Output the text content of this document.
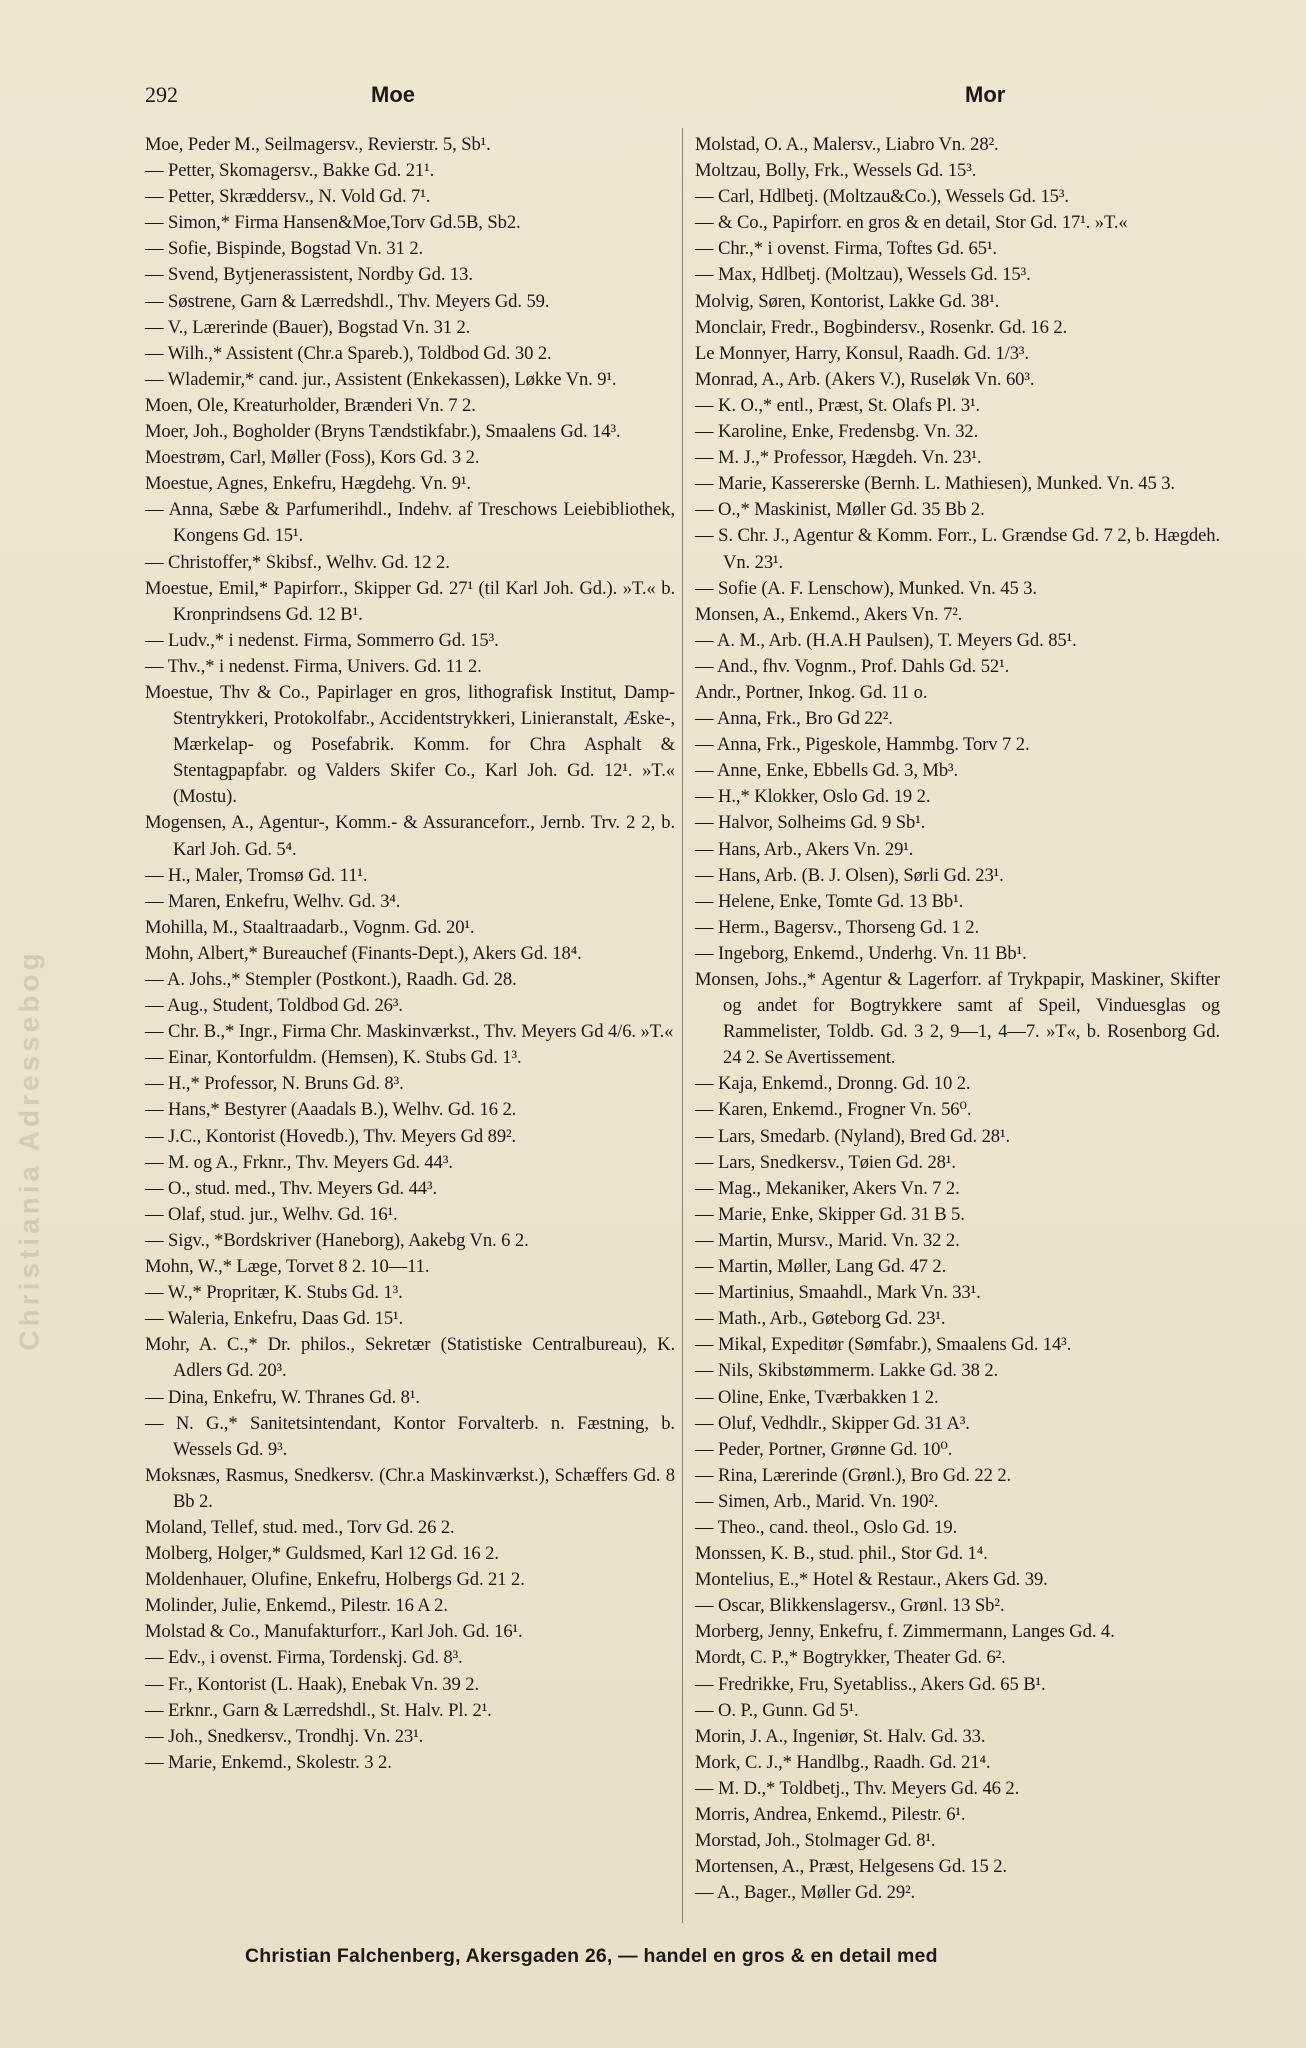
Christiania Adressebog
292	Moe	Mor
Moe, Peder M., Seilmagersv., Revierstr. 5, Sb¹.
— Petter, Skomagersv., Bakke Gd. 21¹.
— Petter, Skræddersv., N. Vold Gd. 7¹.
— Simon,* Firma Hansen&Moe,Torv Gd.5B, Sb2.
— Sofie, Bispinde, Bogstad Vn. 31 2.
— Svend, Bytjenerassistent, Nordby Gd. 13.
— Søstrene, Garn & Lærredshdl., Thv. Meyers Gd. 59.
— V., Lærerinde (Bauer), Bogstad Vn. 31 2.
— Wilh.,* Assistent (Chr.a Spareb.), Toldbod Gd. 30 2.
— Wlademir,* cand. jur., Assistent (Enkekassen), Løkke Vn. 9¹.
Moen, Ole, Kreaturholder, Brænderi Vn. 7 2.
Moer, Joh., Bogholder (Bryns Tændstikfabr.), Smaalens Gd. 14³.
Moestrøm, Carl, Møller (Foss), Kors Gd. 3 2.
Moestue, Agnes, Enkefru, Hægdehg. Vn. 9¹.
— Anna, Sæbe & Parfumerihdl., Indehv. af Treschows Leiebibliothek, Kongens Gd. 15¹.
— Christoffer,* Skibsf., Welhv. Gd. 12 2.
Moestue, Emil,* Papirforr., Skipper Gd. 27¹ (til Karl Joh. Gd.). »T.« b. Kronprindsens Gd. 12 B¹.
— Ludv.,* i nedenst. Firma, Sommerro Gd. 15³.
— Thv.,* i nedenst. Firma, Univers. Gd. 11 2.
Moestue, Thv & Co., Papirlager en gros, lithografisk Institut, Damp-Stentrykkeri, Protokolfabr., Accidentstrykkeri, Linieranstalt, Æske-, Mærkelap- og Posefabrik. Komm. for Chra Asphalt & Stentagpapfabr. og Valders Skifer Co., Karl Joh. Gd. 12¹. »T.« (Mostu).
Mogensen, A., Agentur-, Komm.- & Assuranceforr., Jernb. Trv. 2 2, b. Karl Joh. Gd. 5⁴.
— H., Maler, Tromsø Gd. 11¹.
— Maren, Enkefru, Welhv. Gd. 3⁴.
Mohilla, M., Staaltraadarb., Vognm. Gd. 20¹.
Mohn, Albert,* Bureauchef (Finants-Dept.), Akers Gd. 18⁴.
— A. Johs.,* Stempler (Postkont.), Raadh. Gd. 28.
— Aug., Student, Toldbod Gd. 26³.
— Chr. B.,* Ingr., Firma Chr. Maskinværkst., Thv. Meyers Gd 4/6. »T.«
— Einar, Kontorfuldm. (Hemsen), K. Stubs Gd. 1³.
— H.,* Professor, N. Bruns Gd. 8³.
— Hans,* Bestyrer (Aaadals B.), Welhv. Gd. 16 2.
— J.C., Kontorist (Hovedb.), Thv. Meyers Gd 89².
— M. og A., Frknr., Thv. Meyers Gd. 44³.
— O., stud. med., Thv. Meyers Gd. 44³.
— Olaf, stud. jur., Welhv. Gd. 16¹.
— Sigv., *Bordskriver (Haneborg), Aakebg Vn. 6 2.
Mohn, W.,* Læge, Torvet 8 2. 10—11.
— W.,* Propritær, K. Stubs Gd. 1³.
— Waleria, Enkefru, Daas Gd. 15¹.
Mohr, A. C.,* Dr. philos., Sekretær (Statistiske Centralbureau), K. Adlers Gd. 20³.
— Dina, Enkefru, W. Thranes Gd. 8¹.
— N. G.,* Sanitetsintendant, Kontor Forvalterb. n. Fæstning, b. Wessels Gd. 9³.
Moksnæs, Rasmus, Snedkersv. (Chr.a Maskinværkst.), Schæffers Gd. 8 Bb 2.
Moland, Tellef, stud. med., Torv Gd. 26 2.
Molberg, Holger,* Guldsmed, Karl 12 Gd. 16 2.
Moldenhauer, Olufine, Enkefru, Holbergs Gd. 21 2.
Molinder, Julie, Enkemd., Pilestr. 16 A 2.
Molstad & Co., Manufakturforr., Karl Joh. Gd. 16¹.
— Edv., i ovenst. Firma, Tordenskj. Gd. 8³.
— Fr., Kontorist (L. Haak), Enebak Vn. 39 2.
— Erknr., Garn & Lærredshdl., St. Halv. Pl. 2¹.
— Joh., Snedkersv., Trondhj. Vn. 23¹.
— Marie, Enkemd., Skolestr. 3 2.
Molstad, O. A., Malersv., Liabro Vn. 28².
Moltzau, Bolly, Frk., Wessels Gd. 15³.
— Carl, Hdlbetj. (Moltzau&Co.), Wessels Gd. 15³.
— & Co., Papirforr. en gros & en detail, Stor Gd. 17¹. »T.«
— Chr.,* i ovenst. Firma, Toftes Gd. 65¹.
— Max, Hdlbetj. (Moltzau), Wessels Gd. 15³.
Molvig, Søren, Kontorist, Lakke Gd. 38¹.
Monclair, Fredr., Bogbindersv., Rosenkr. Gd. 16 2.
Le Monnyer, Harry, Konsul, Raadh. Gd. 1/3³.
Monrad, A., Arb. (Akers V.), Ruseløk Vn. 60³.
— K. O.,* entl., Præst, St. Olafs Pl. 3¹.
— Karoline, Enke, Fredensbg. Vn. 32.
— M. J.,* Professor, Hægdeh. Vn. 23¹.
— Marie, Kassererske (Bernh. L. Mathiesen), Munked. Vn. 45 3.
— O.,* Maskinist, Møller Gd. 35 Bb 2.
— S. Chr. J., Agentur & Komm. Forr., L. Grændse Gd. 7 2, b. Hægdeh. Vn. 23¹.
— Sofie (A. F. Lenschow), Munked. Vn. 45 3.
Monsen, A., Enkemd., Akers Vn. 7².
— A. M., Arb. (H.A.H Paulsen), T. Meyers Gd. 85¹.
— And., fhv. Vognm., Prof. Dahls Gd. 52¹.
Andr., Portner, Inkog. Gd. 11 o.
— Anna, Frk., Bro Gd 22².
— Anna, Frk., Pigeskole, Hammbg. Torv 7 2.
— Anne, Enke, Ebbells Gd. 3, Mb³.
— H.,* Klokker, Oslo Gd. 19 2.
— Halvor, Solheims Gd. 9 Sb¹.
— Hans, Arb., Akers Vn. 29¹.
— Hans, Arb. (B. J. Olsen), Sørli Gd. 23¹.
— Helene, Enke, Tomte Gd. 13 Bb¹.
— Herm., Bagersv., Thorseng Gd. 1 2.
— Ingeborg, Enkemd., Underhg. Vn. 11 Bb¹.
Monsen, Johs.,* Agentur & Lagerforr. af Trykpapir, Maskiner, Skifter og andet for Bogtrykkere samt af Speil, Vinduesglas og Rammelister, Toldb. Gd. 3 2, 9—1, 4—7. »T«, b. Rosenborg Gd. 24 2. Se Avertissement.
— Kaja, Enkemd., Dronng. Gd. 10 2.
— Karen, Enkemd., Frogner Vn. 56⁰.
— Lars, Smedarb. (Nyland), Bred Gd. 28¹.
— Lars, Snedkersv., Tøien Gd. 28¹.
— Mag., Mekaniker, Akers Vn. 7 2.
— Marie, Enke, Skipper Gd. 31 B 5.
— Martin, Mursv., Marid. Vn. 32 2.
— Martin, Møller, Lang Gd. 47 2.
— Martinius, Smaahdl., Mark Vn. 33¹.
— Math., Arb., Gøteborg Gd. 23¹.
— Mikal, Expeditør (Sømfabr.), Smaalens Gd. 14³.
— Nils, Skibstømmerm. Lakke Gd. 38 2.
— Oline, Enke, Tværbakken 1 2.
— Oluf, Vedhdlr., Skipper Gd. 31 A³.
— Peder, Portner, Grønne Gd. 10⁰.
— Rina, Lærerinde (Grønl.), Bro Gd. 22 2.
— Simen, Arb., Marid. Vn. 190².
— Theo., cand. theol., Oslo Gd. 19.
Monssen, K. B., stud. phil., Stor Gd. 1⁴.
Montelius, E.,* Hotel & Restaur., Akers Gd. 39.
— Oscar, Blikkenslagersv., Grønl. 13 Sb².
Morberg, Jenny, Enkefru, f. Zimmermann, Langes Gd. 4.
Mordt, C. P.,* Bogtrykker, Theater Gd. 6².
— Fredrikke, Fru, Syetabliss., Akers Gd. 65 B¹.
— O. P., Gunn. Gd 5¹.
Morin, J. A., Ingeniør, St. Halv. Gd. 33.
Mork, C. J.,* Handlbg., Raadh. Gd. 21⁴.
— M. D.,* Toldbetj., Thv. Meyers Gd. 46 2.
Morris, Andrea, Enkemd., Pilestr. 6¹.
Morstad, Joh., Stolmager Gd. 8¹.
Mortensen, A., Præst, Helgesens Gd. 15 2.
— A., Bager., Møller Gd. 29².
Christian Falchenberg, Akersgaden 26, — handel en gros & en detail med
